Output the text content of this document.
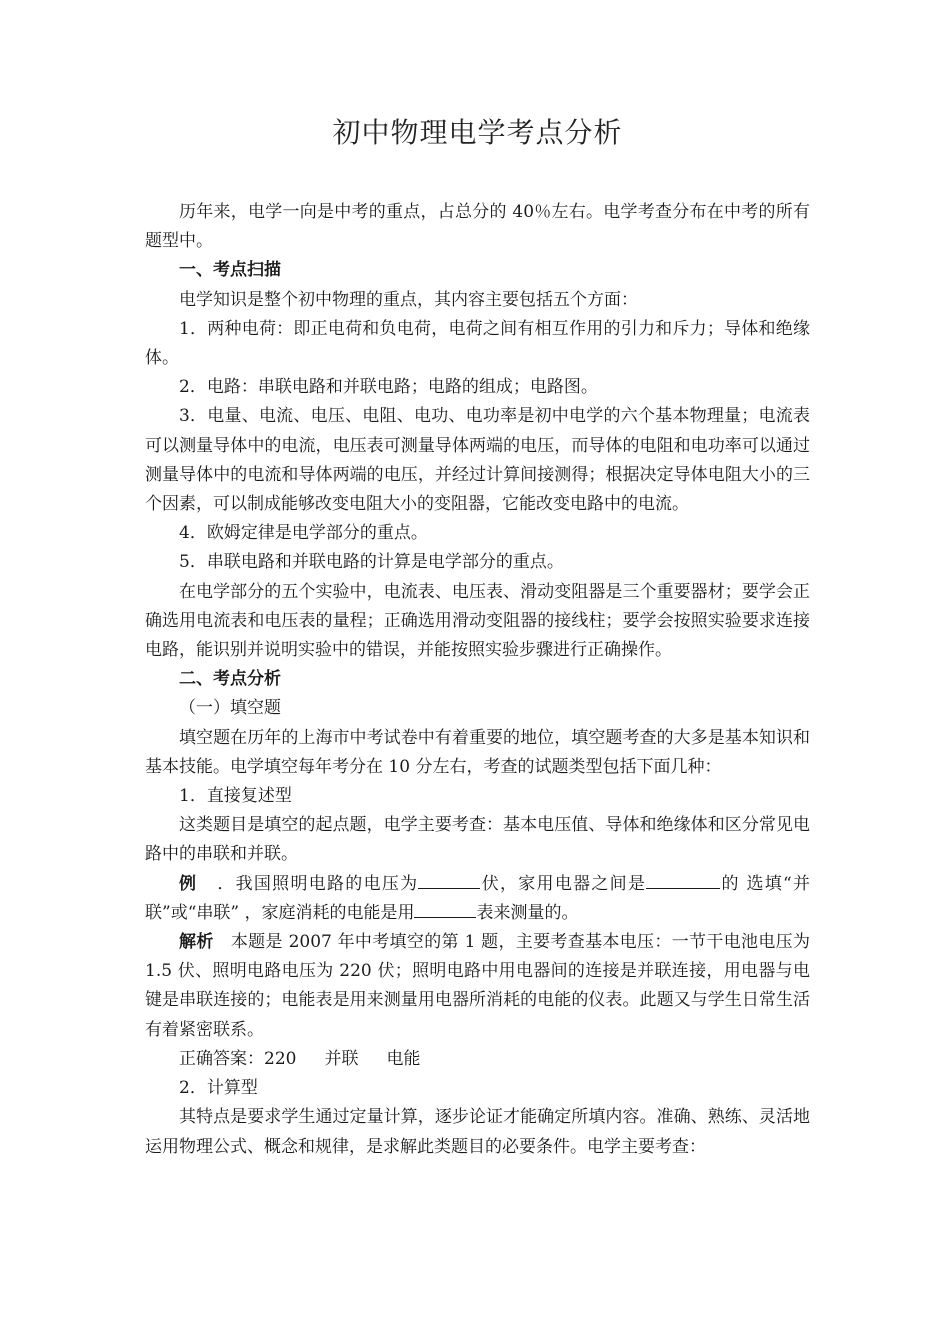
初中物理电学考点分析

历年来，电学一向是中考的重点，占总分的 40％左右。电学考查分布在中考的所有题型中。

一、考点扫描

电学知识是整个初中物理的重点，其内容主要包括五个方面：

1．两种电荷：即正电荷和负电荷，电荷之间有相互作用的引力和斥力；导体和绝缘体。

2．电路：串联电路和并联电路；电路的组成；电路图。

3．电量、电流、电压、电阻、电功、电功率是初中电学的六个基本物理量；电流表可以测量导体中的电流，电压表可测量导体两端的电压，而导体的电阻和电功率可以通过测量导体中的电流和导体两端的电压，并经过计算间接测得；根据决定导体电阻大小的三个因素，可以制成能够改变电阻大小的变阻器，它能改变电路中的电流。

4．欧姆定律是电学部分的重点。

5．串联电路和并联电路的计算是电学部分的重点。

在电学部分的五个实验中，电流表、电压表、滑动变阻器是三个重要器材；要学会正确选用电流表和电压表的量程；正确选用滑动变阻器的接线柱；要学会按照实验要求连接电路，能识别并说明实验中的错误，并能按照实验步骤进行正确操作。

二、考点分析

（一）填空题

填空题在历年的上海市中考试卷中有着重要的地位，填空题考查的大多是基本知识和基本技能。电学填空每年考分在 10 分左右，考查的试题类型包括下面几种：

1．直接复述型

这类题目是填空的起点题，电学主要考查：基本电压值、导体和绝缘体和区分常见电路中的串联和并联。

例 ．我国照明电路的电压为	伏，家用电器之间是	的 选填“并联”或“串联” ，家庭消耗的电能是用	表来测量的。

解析 本题是 2007 年中考填空的第 1 题，主要考查基本电压：一节干电池电压为 1.5 伏、照明电路电压为 220 伏；照明电路中用电器间的连接是并联连接，用电器与电键是串联连接的；电能表是用来测量用电器所消耗的电能的仪表。此题又与学生日常生活有着紧密联系。

正确答案：220 并联 电能

2．计算型

其特点是要求学生通过定量计算，逐步论证才能确定所填内容。准确、熟练、灵活地运用物理公式、概念和规律，是求解此类题目的必要条件。电学主要考查：
